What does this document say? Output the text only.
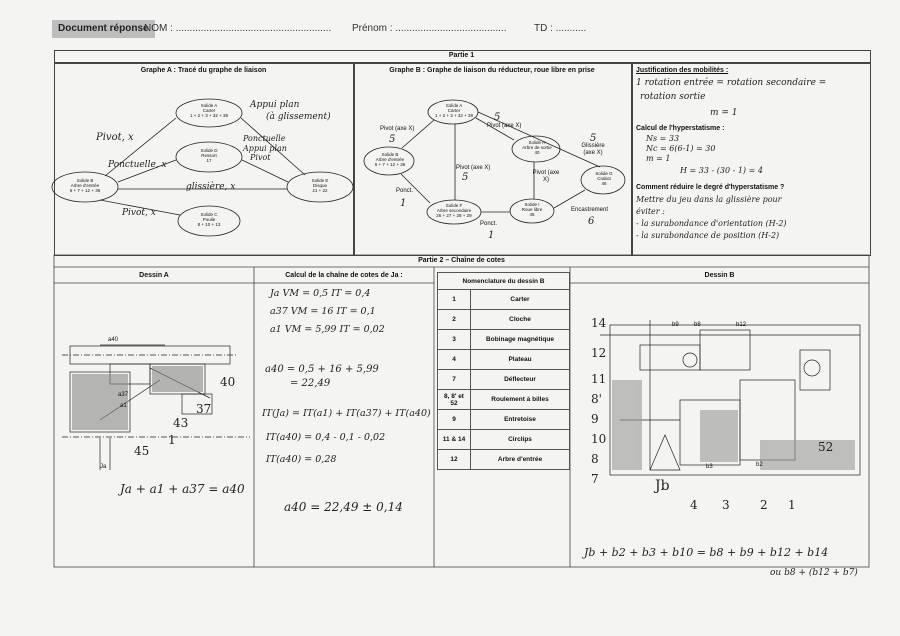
Document réponse
NOM : ........................................................ Prénom : ........................................	TD : ...........
Partie 1
Graphe A : Tracé du graphe de liaison	Graphe B : Graphe de liaison du réducteur, roue libre en prise	Justification des mobilités :
Solide A
Carter
1 + 2 + 3 + 32 + 38
Solide D
Ressort
17
Solide B
Arbre d'entrée
6 + 7 + 12 + 36
Solide E
Disque
21 + 22
Solide C
Poulie
8 + 10 + 13
Appui plan
(à glissement)
Pivot, x
Ponctuelle, x
Ponctuelle
Appui plan
Pivot
glissière, x
Pivot, x
Solide A
Carter
1 + 2 + 3 + 32 + 38
Solide B
Arbre d'entrée
6 + 7 + 12 + 36
Solide H
Arbre de sortie
40
Solide G
Crabot
46
Solide F
Arbre secondaire
26 + 27 + 28 + 29
Solide I
Roue libre
45
Pivot (axe X)	Pivot (axe X)
Pivot (axe X)
Glissière (axe X)
Pivot (axe X)
Ponct.
Ponct.
Encastrement
5
5
5
5
1
1
6
1 rotation entrée = rotation secondaire =
rotation sortie
m = 1
Calcul de l'hyperstatisme :
Ns = 33
Nc = 6(6-1) = 30
m = 1
H = 33 - (30 - 1) = 4
Comment réduire le degré d'hyperstatisme ?
Mettre du jeu dans la glissière pour
éviter :
- la surabondance d'orientation (H-2)
- la surabondance de position (H-2)
Partie 2 – Chaîne de cotes
Dessin A	Calcul de la chaîne de cotes de Ja :	Dessin B
a40
a37
a1
40
37
43
1
45
Ja
Ja + a1 + a37 = a40
Ja VM = 0,5 IT = 0,4
a37 VM = 16 IT = 0,1
a1 VM = 5,99 IT = 0,02
a40 = 0,5 + 16 + 5,99
= 22,49
IT(Ja) = IT(a1) + IT(a37) + IT(a40)
IT(a40) = 0,4 - 0,1 - 0,02
IT(a40) = 0,28
a40 = 22,49 ± 0,14
Nomenclature du dessin B	
1	Carter
2	Cloche
3	Bobinage magnétique
4	Plateau
7	Déflecteur
8, 8' et 52	Roulement à billes
9	Entretoise
11 & 14	Circlips
12	Arbre d'entrée
14
12
11
8'
9
10
8
7
b9	b8	b12
b3	b2
52
Jb
4 3	2 1
Jb + b2 + b3 + b10 = b8 + b9 + b12 + b14
ou b8 + (b12 + b7)
